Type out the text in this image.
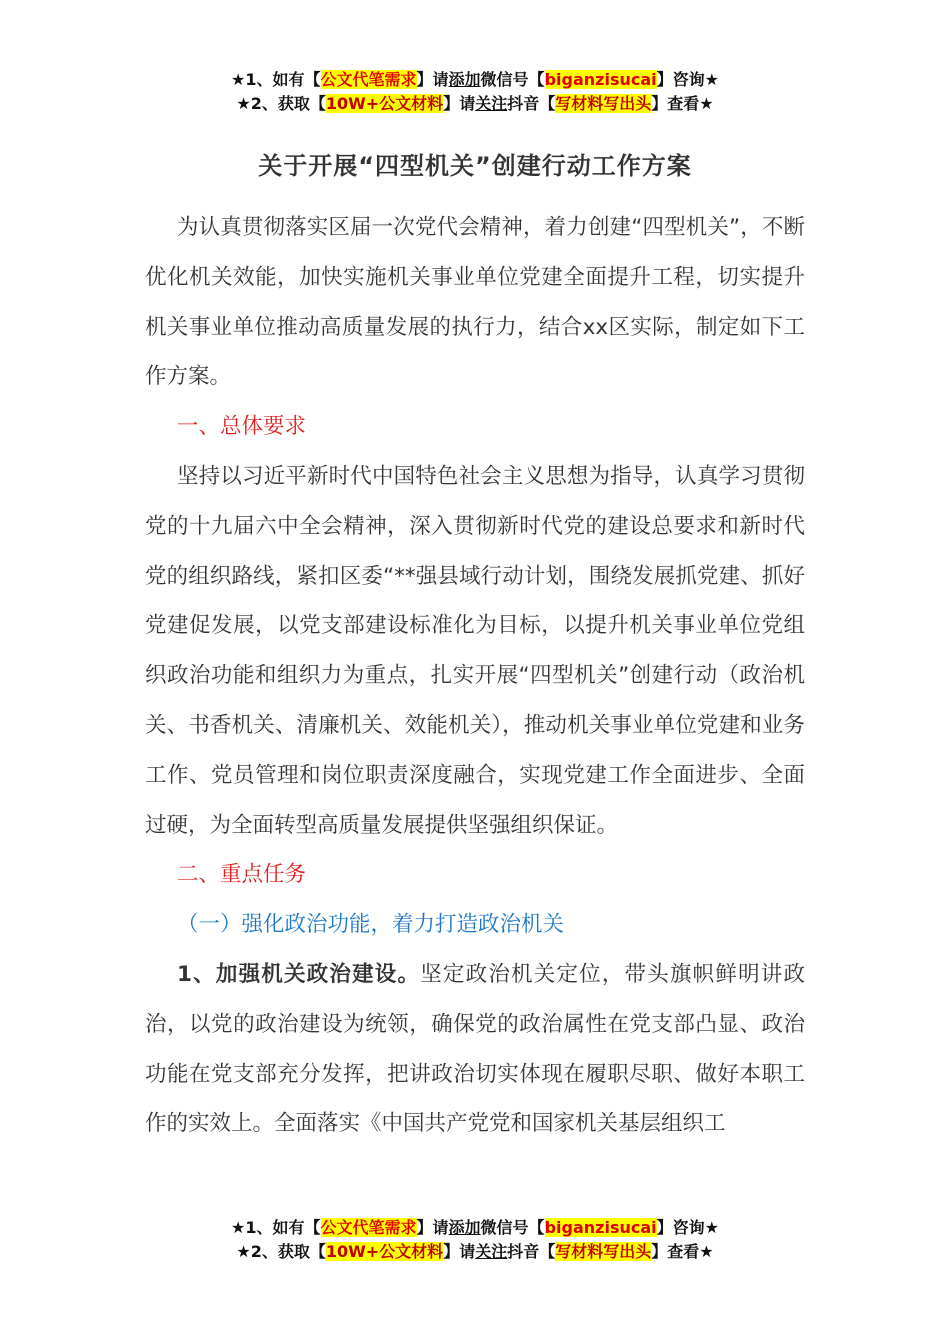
★1、如有【公文代笔需求】请添加微信号【biganzisucai】咨询★
★2、获取【10W+公文材料】请关注抖音【写材料写出头】查看★
关于开展“四型机关”创建行动工作方案

为认真贯彻落实区届一次党代会精神，着力创建“四型机关”，不断优化机关效能，加快实施机关事业单位党建全面提升工程，切实提升机关事业单位推动高质量发展的执行力，结合xx区实际，制定如下工作方案。

一、总体要求

坚持以习近平新时代中国特色社会主义思想为指导，认真学习贯彻党的十九届六中全会精神，深入贯彻新时代党的建设总要求和新时代党的组织路线，紧扣区委“**强县域行动计划，围绕发展抓党建、抓好党建促发展，以党支部建设标准化为目标，以提升机关事业单位党组织政治功能和组织力为重点，扎实开展“四型机关”创建行动（政治机关、书香机关、清廉机关、效能机关），推动机关事业单位党建和业务工作、党员管理和岗位职责深度融合，实现党建工作全面进步、全面过硬，为全面转型高质量发展提供坚强组织保证。

二、重点任务

（一）强化政治功能，着力打造政治机关

1、加强机关政治建设。坚定政治机关定位，带头旗帜鲜明讲政治，以党的政治建设为统领，确保党的政治属性在党支部凸显、政治功能在党支部充分发挥，把讲政治切实体现在履职尽职、做好本职工作的实效上。全面落实《中国共产党党和国家机关基层组织工

★1、如有【公文代笔需求】请添加微信号【biganzisucai】咨询★
★2、获取【10W+公文材料】请关注抖音【写材料写出头】查看★
